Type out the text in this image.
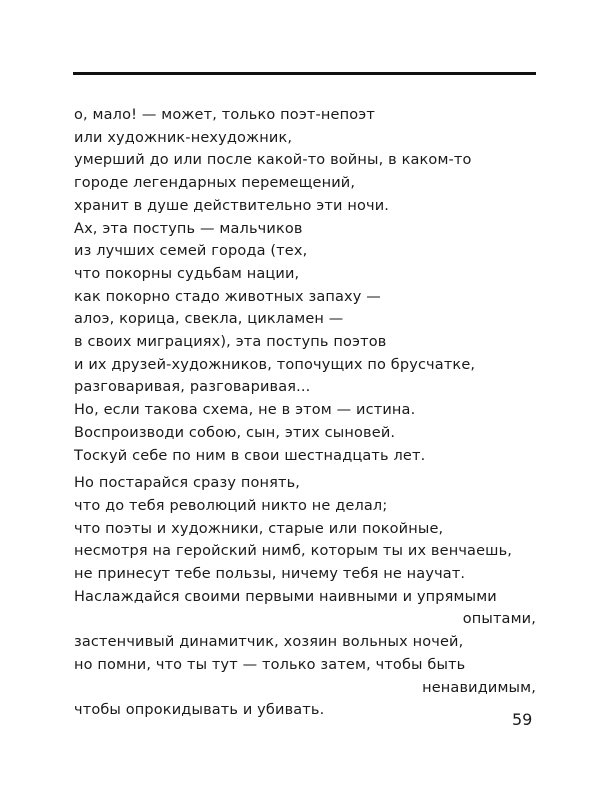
о, мало! — может, только поэт-непоэт
или художник-нехудожник,
умерший до или после какой-то войны, в каком-то
городе легендарных перемещений,
хранит в душе действительно эти ночи.
Ах, эта поступь — мальчиков
из лучших семей города (тех,
что покорны судьбам нации,
как покорно стадо животных запаху —
алоэ, корица, свекла, цикламен —
в своих миграциях), эта поступь поэтов
и их друзей-художников, топочущих по брусчатке,
разговаривая, разговаривая...
Но, если такова схема, не в этом — истина.
Воспроизводи собою, сын, этих сыновей.
Тоскуй себе по ним в свои шестнадцать лет.
Но постарайся сразу понять,
что до тебя революций никто не делал;
что поэты и художники, старые или покойные,
несмотря на геройский нимб, которым ты их венчаешь,
не принесут тебе пользы, ничему тебя не научат.
Наслаждайся своими первыми наивными и упрямыми
опытами,
застенчивый динамитчик, хозяин вольных ночей,
но помни, что ты тут — только затем, чтобы быть
ненавидимым,
чтобы опрокидывать и убивать.	59
